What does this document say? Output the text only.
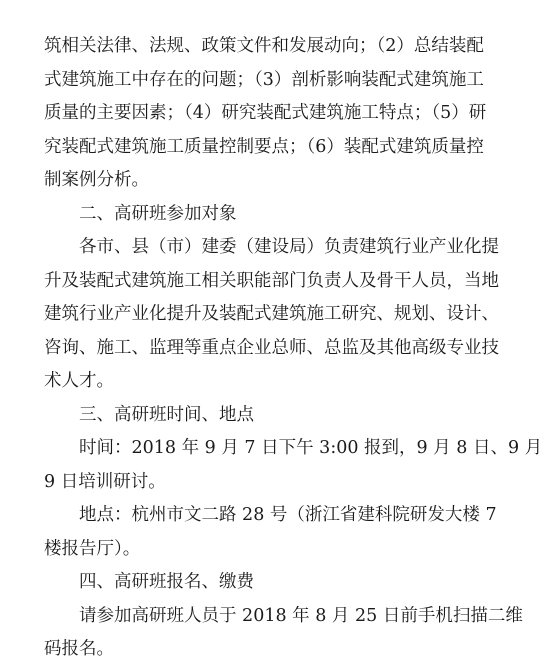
筑相关法律、法规、政策文件和发展动向；（2）总结装配
式建筑施工中存在的问题；（3）剖析影响装配式建筑施工
质量的主要因素；（4）研究装配式建筑施工特点；（5）研
究装配式建筑施工质量控制要点；（6）装配式建筑质量控
制案例分析。
二、高研班参加对象
各市、县（市）建委（建设局）负责建筑行业产业化提
升及装配式建筑施工相关职能部门负责人及骨干人员，当地
建筑行业产业化提升及装配式建筑施工研究、规划、设计、
咨询、施工、监理等重点企业总师、总监及其他高级专业技
术人才。
三、高研班时间、地点
时间：2018 年 9 月 7 日下午 3:00 报到，9 月 8 日、9 月
9 日培训研讨。
地点：杭州市文二路 28 号（浙江省建科院研发大楼 7
楼报告厅）。
四、高研班报名、缴费
请参加高研班人员于 2018 年 8 月 25 日前手机扫描二维
码报名。
